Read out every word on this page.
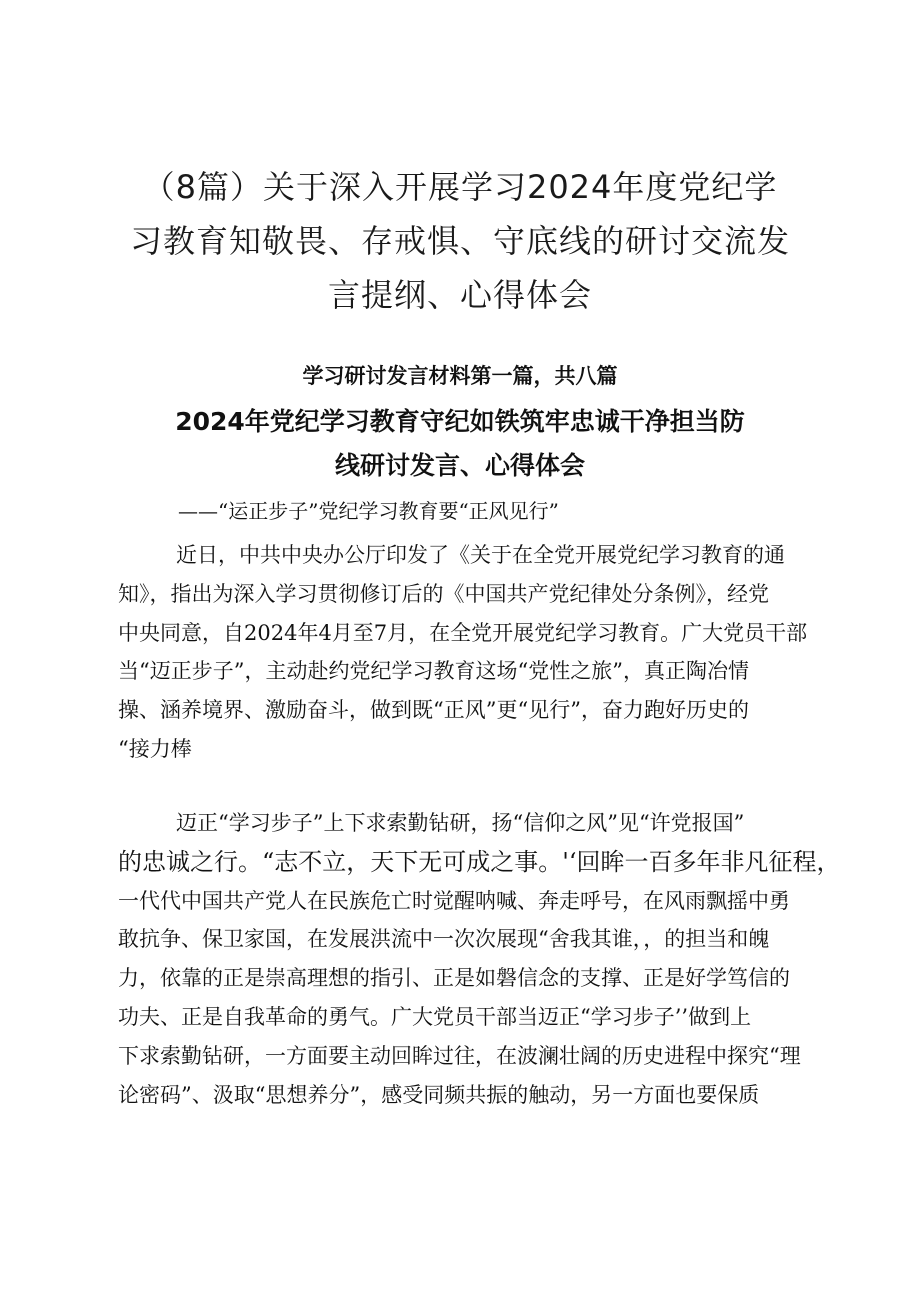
（8篇）关于深入开展学习2024年度党纪学
习教育知敬畏、存戒惧、守底线的研讨交流发
言提纲、心得体会
学习研讨发言材料第一篇，共八篇
2024年党纪学习教育守纪如铁筑牢忠诚干净担当防
线研讨发言、心得体会
——“运正步子”党纪学习教育要“正风见行”
近日，中共中央办公厅印发了《关于在全党开展党纪学习教育的通
知》，指出为深入学习贯彻修订后的《中国共产党纪律处分条例》，经党
中央同意，自2024年4月至7月，在全党开展党纪学习教育。广大党员干部
当“迈正步子”，主动赴约党纪学习教育这场“党性之旅”，真正陶冶情
操、涵养境界、激励奋斗，做到既“正风”更“见行”，奋力跑好历史的
“接力棒
迈正“学习步子”上下求索勤钻研，扬“信仰之风”见“许党报国”
的忠诚之行。“志不立，天下无可成之事。'‘回眸一百多年非凡征程，
一代代中国共产党人在民族危亡时觉醒呐喊、奔走呼号，在风雨飘摇中勇
敢抗争、保卫家国，在发展洪流中一次次展现“舍我其谁，，的担当和魄
力，依靠的正是崇高理想的指引、正是如磐信念的支撑、正是好学笃信的
功夫、正是自我革命的勇气。广大党员干部当迈正“学习步子’’做到上
下求索勤钻研，一方面要主动回眸过往，在波澜壮阔的历史进程中探究“理
论密码”、汲取“思想养分”，感受同频共振的触动，另一方面也要保质
